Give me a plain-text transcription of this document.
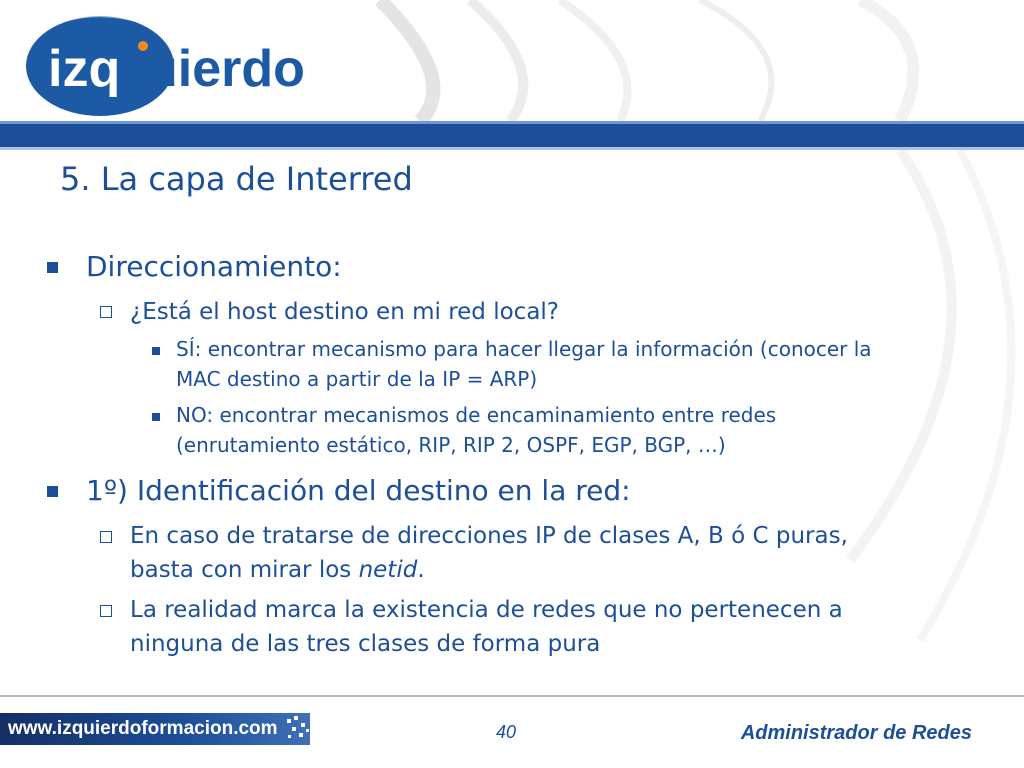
izq uierdo
5. La capa de Interred
Direccionamiento:
¿Está el host destino en mi red local?
SÍ: encontrar mecanismo para hacer llegar la información (conocer la
MAC destino a partir de la IP = ARP)
NO: encontrar mecanismos de encaminamiento entre redes
(enrutamiento estático, RIP, RIP 2, OSPF, EGP, BGP, …)
1º) Identificación del destino en la red:
En caso de tratarse de direcciones IP de clases A, B ó C puras,
basta con mirar los netid.
La realidad marca la existencia de redes que no pertenecen a
ninguna de las tres clases de forma pura
www.izquierdoformacion.com	40	Administrador de Redes
